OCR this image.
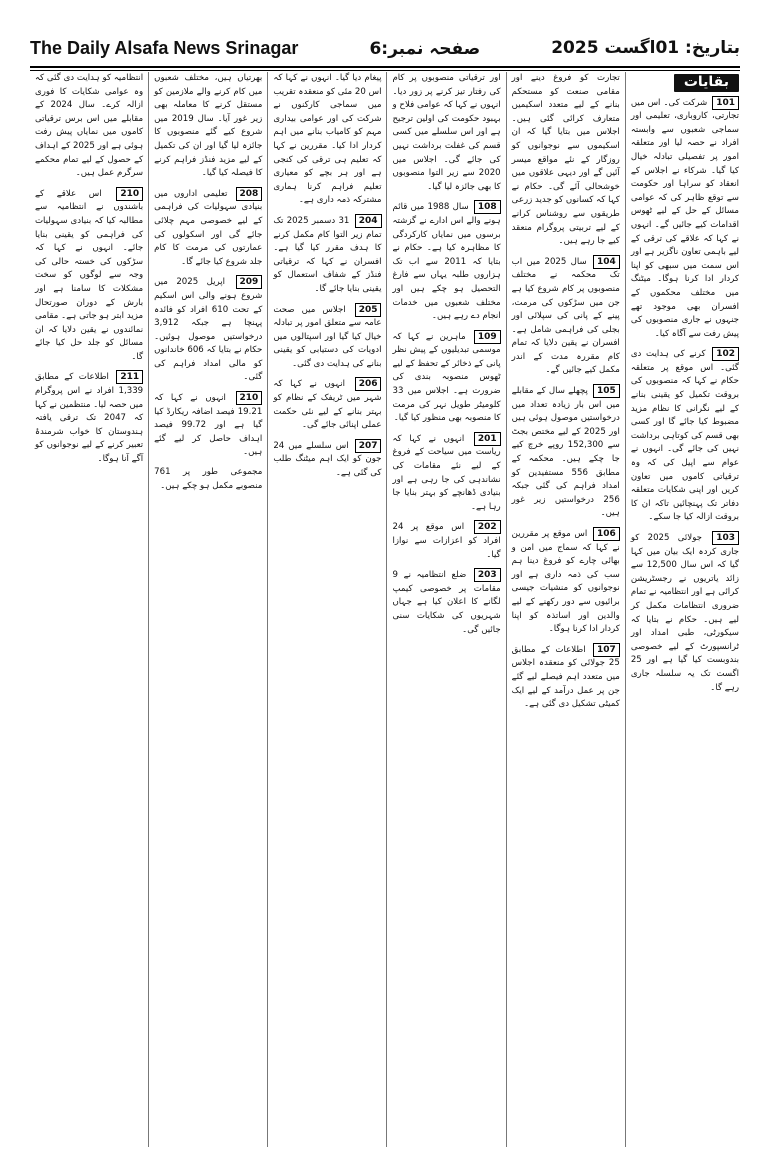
The Daily Alsafa News Srinagar	صفحہ نمبر:6	بتاریخ: 01اگست 2025
بقایات

101 شرکت کی۔ اس میں تجارتی، کاروباری، تعلیمی اور سماجی شعبوں سے وابستہ افراد نے حصہ لیا اور متعلقہ امور پر تفصیلی تبادلہ خیال کیا گیا۔ شرکاء نے اجلاس کے انعقاد کو سراہا اور حکومت سے توقع ظاہر کی کہ عوامی مسائل کے حل کے لیے ٹھوس اقدامات کیے جائیں گے۔ انہوں نے کہا کہ علاقے کی ترقی کے لیے باہمی تعاون ناگزیر ہے اور اس سمت میں سبھی کو اپنا کردار ادا کرنا ہوگا۔ میٹنگ میں مختلف محکموں کے افسران بھی موجود تھے جنہوں نے جاری منصوبوں کی پیش رفت سے آگاہ کیا۔

102 کرنے کی ہدایت دی گئی۔ اس موقع پر متعلقہ حکام نے کہا کہ منصوبوں کی بروقت تکمیل کو یقینی بنانے کے لیے نگرانی کا نظام مزید مضبوط کیا جائے گا اور کسی بھی قسم کی کوتاہی برداشت نہیں کی جائے گی۔ انہوں نے عوام سے اپیل کی کہ وہ ترقیاتی کاموں میں تعاون کریں اور اپنی شکایات متعلقہ دفاتر تک پہنچائیں تاکہ ان کا بروقت ازالہ کیا جا سکے۔

103 جولائی 2025 کو جاری کردہ ایک بیان میں کہا گیا کہ اس سال 12,500 سے زائد یاتریوں نے رجسٹریشن کرائی ہے اور انتظامیہ نے تمام ضروری انتظامات مکمل کر لیے ہیں۔ حکام نے بتایا کہ سیکورٹی، طبی امداد اور ٹرانسپورٹ کے لیے خصوصی بندوبست کیا گیا ہے اور 25 اگست تک یہ سلسلہ جاری رہے گا۔

تجارت کو فروغ دینے اور مقامی صنعت کو مستحکم بنانے کے لیے متعدد اسکیمیں متعارف کرائی گئی ہیں۔ اجلاس میں بتایا گیا کہ ان اسکیموں سے نوجوانوں کو روزگار کے نئے مواقع میسر آئیں گے اور دیہی علاقوں میں خوشحالی آئے گی۔ حکام نے کہا کہ کسانوں کو جدید زرعی طریقوں سے روشناس کرانے کے لیے تربیتی پروگرام منعقد کیے جا رہے ہیں۔

104 سال 2025 میں اب تک محکمہ نے مختلف منصوبوں پر کام شروع کیا ہے جن میں سڑکوں کی مرمت، پینے کے پانی کی سپلائی اور بجلی کی فراہمی شامل ہے۔ افسران نے یقین دلایا کہ تمام کام مقررہ مدت کے اندر مکمل کیے جائیں گے۔

105 پچھلے سال کے مقابلے میں اس بار زیادہ تعداد میں درخواستیں موصول ہوئی ہیں اور 2025 کے لیے مختص بجٹ سے 152,300 روپے خرچ کیے جا چکے ہیں۔ محکمہ کے مطابق 556 مستفیدین کو امداد فراہم کی گئی جبکہ 256 درخواستیں زیر غور ہیں۔

106 اس موقع پر مقررین نے کہا کہ سماج میں امن و بھائی چارے کو فروغ دینا ہم سب کی ذمہ داری ہے اور نوجوانوں کو منشیات جیسی برائیوں سے دور رکھنے کے لیے والدین اور اساتذہ کو اپنا کردار ادا کرنا ہوگا۔

107 اطلاعات کے مطابق 25 جولائی کو منعقدہ اجلاس میں متعدد اہم فیصلے لیے گئے جن پر عمل درآمد کے لیے ایک کمیٹی تشکیل دی گئی ہے۔

اور ترقیاتی منصوبوں پر کام کی رفتار تیز کرنے پر زور دیا۔ انہوں نے کہا کہ عوامی فلاح و بہبود حکومت کی اولین ترجیح ہے اور اس سلسلے میں کسی قسم کی غفلت برداشت نہیں کی جائے گی۔ اجلاس میں 2020 سے زیر التوا منصوبوں کا بھی جائزہ لیا گیا۔

108 سال 1988 میں قائم ہونے والے اس ادارے نے گزشتہ برسوں میں نمایاں کارکردگی کا مظاہرہ کیا ہے۔ حکام نے بتایا کہ 2011 سے اب تک ہزاروں طلبہ یہاں سے فارغ التحصیل ہو چکے ہیں اور مختلف شعبوں میں خدمات انجام دے رہے ہیں۔

109 ماہرین نے کہا کہ موسمی تبدیلیوں کے پیش نظر پانی کے ذخائر کے تحفظ کے لیے ٹھوس منصوبہ بندی کی ضرورت ہے۔ اجلاس میں 33 کلومیٹر طویل نہر کی مرمت کا منصوبہ بھی منظور کیا گیا۔

201 انہوں نے کہا کہ ریاست میں سیاحت کے فروغ کے لیے نئے مقامات کی نشاندہی کی جا رہی ہے اور بنیادی ڈھانچے کو بہتر بنایا جا رہا ہے۔

202 اس موقع پر 24 افراد کو اعزازات سے نوازا گیا۔

203 ضلع انتظامیہ نے 9 مقامات پر خصوصی کیمپ لگانے کا اعلان کیا ہے جہاں شہریوں کی شکایات سنی جائیں گی۔

پیغام دیا گیا۔ انہوں نے کہا کہ اس 20 مئی کو منعقدہ تقریب میں سماجی کارکنوں نے شرکت کی اور عوامی بیداری مہم کو کامیاب بنانے میں اہم کردار ادا کیا۔ مقررین نے کہا کہ تعلیم ہی ترقی کی کنجی ہے اور ہر بچے کو معیاری تعلیم فراہم کرنا ہماری مشترکہ ذمہ داری ہے۔

204 31 دسمبر 2025 تک تمام زیر التوا کام مکمل کرنے کا ہدف مقرر کیا گیا ہے۔ افسران نے کہا کہ ترقیاتی فنڈز کے شفاف استعمال کو یقینی بنایا جائے گا۔

205 اجلاس میں صحت عامہ سے متعلق امور پر تبادلہ خیال کیا گیا اور اسپتالوں میں ادویات کی دستیابی کو یقینی بنانے کی ہدایت دی گئی۔

206 انہوں نے کہا کہ شہر میں ٹریفک کے نظام کو بہتر بنانے کے لیے نئی حکمت عملی اپنائی جائے گی۔

207 اس سلسلے میں 24 جون کو ایک اہم میٹنگ طلب کی گئی ہے۔

بھرتیاں ہیں، مختلف شعبوں میں کام کرنے والے ملازمین کو مستقل کرنے کا معاملہ بھی زیر غور آیا۔ سال 2019 میں شروع کیے گئے منصوبوں کا جائزہ لیا گیا اور ان کی تکمیل کے لیے مزید فنڈز فراہم کرنے کا فیصلہ کیا گیا۔

208 تعلیمی اداروں میں بنیادی سہولیات کی فراہمی کے لیے خصوصی مہم چلائی جائے گی اور اسکولوں کی عمارتوں کی مرمت کا کام جلد شروع کیا جائے گا۔

209 اپریل 2025 میں شروع ہونے والی اس اسکیم کے تحت 610 افراد کو فائدہ پہنچا ہے جبکہ 3,912 درخواستیں موصول ہوئیں۔ حکام نے بتایا کہ 606 خاندانوں کو مالی امداد فراہم کی گئی۔

210 انہوں نے کہا کہ 19.21 فیصد اضافہ ریکارڈ کیا گیا ہے اور 99.72 فیصد اہداف حاصل کر لیے گئے ہیں۔

مجموعی طور پر 761 منصوبے مکمل ہو چکے ہیں۔

انتظامیہ کو ہدایت دی گئی کہ وہ عوامی شکایات کا فوری ازالہ کرے۔ سال 2024 کے مقابلے میں اس برس ترقیاتی کاموں میں نمایاں پیش رفت ہوئی ہے اور 2025 کے اہداف کے حصول کے لیے تمام محکمے سرگرم عمل ہیں۔

210 اس علاقے کے باشندوں نے انتظامیہ سے مطالبہ کیا کہ بنیادی سہولیات کی فراہمی کو یقینی بنایا جائے۔ انہوں نے کہا کہ سڑکوں کی خستہ حالی کی وجہ سے لوگوں کو سخت مشکلات کا سامنا ہے اور بارش کے دوران صورتحال مزید ابتر ہو جاتی ہے۔ مقامی نمائندوں نے یقین دلایا کہ ان مسائل کو جلد حل کیا جائے گا۔

211 اطلاعات کے مطابق 1,339 افراد نے اس پروگرام میں حصہ لیا۔ منتظمین نے کہا کہ 2047 تک ترقی یافتہ ہندوستان کا خواب شرمندۂ تعبیر کرنے کے لیے نوجوانوں کو آگے آنا ہوگا۔
